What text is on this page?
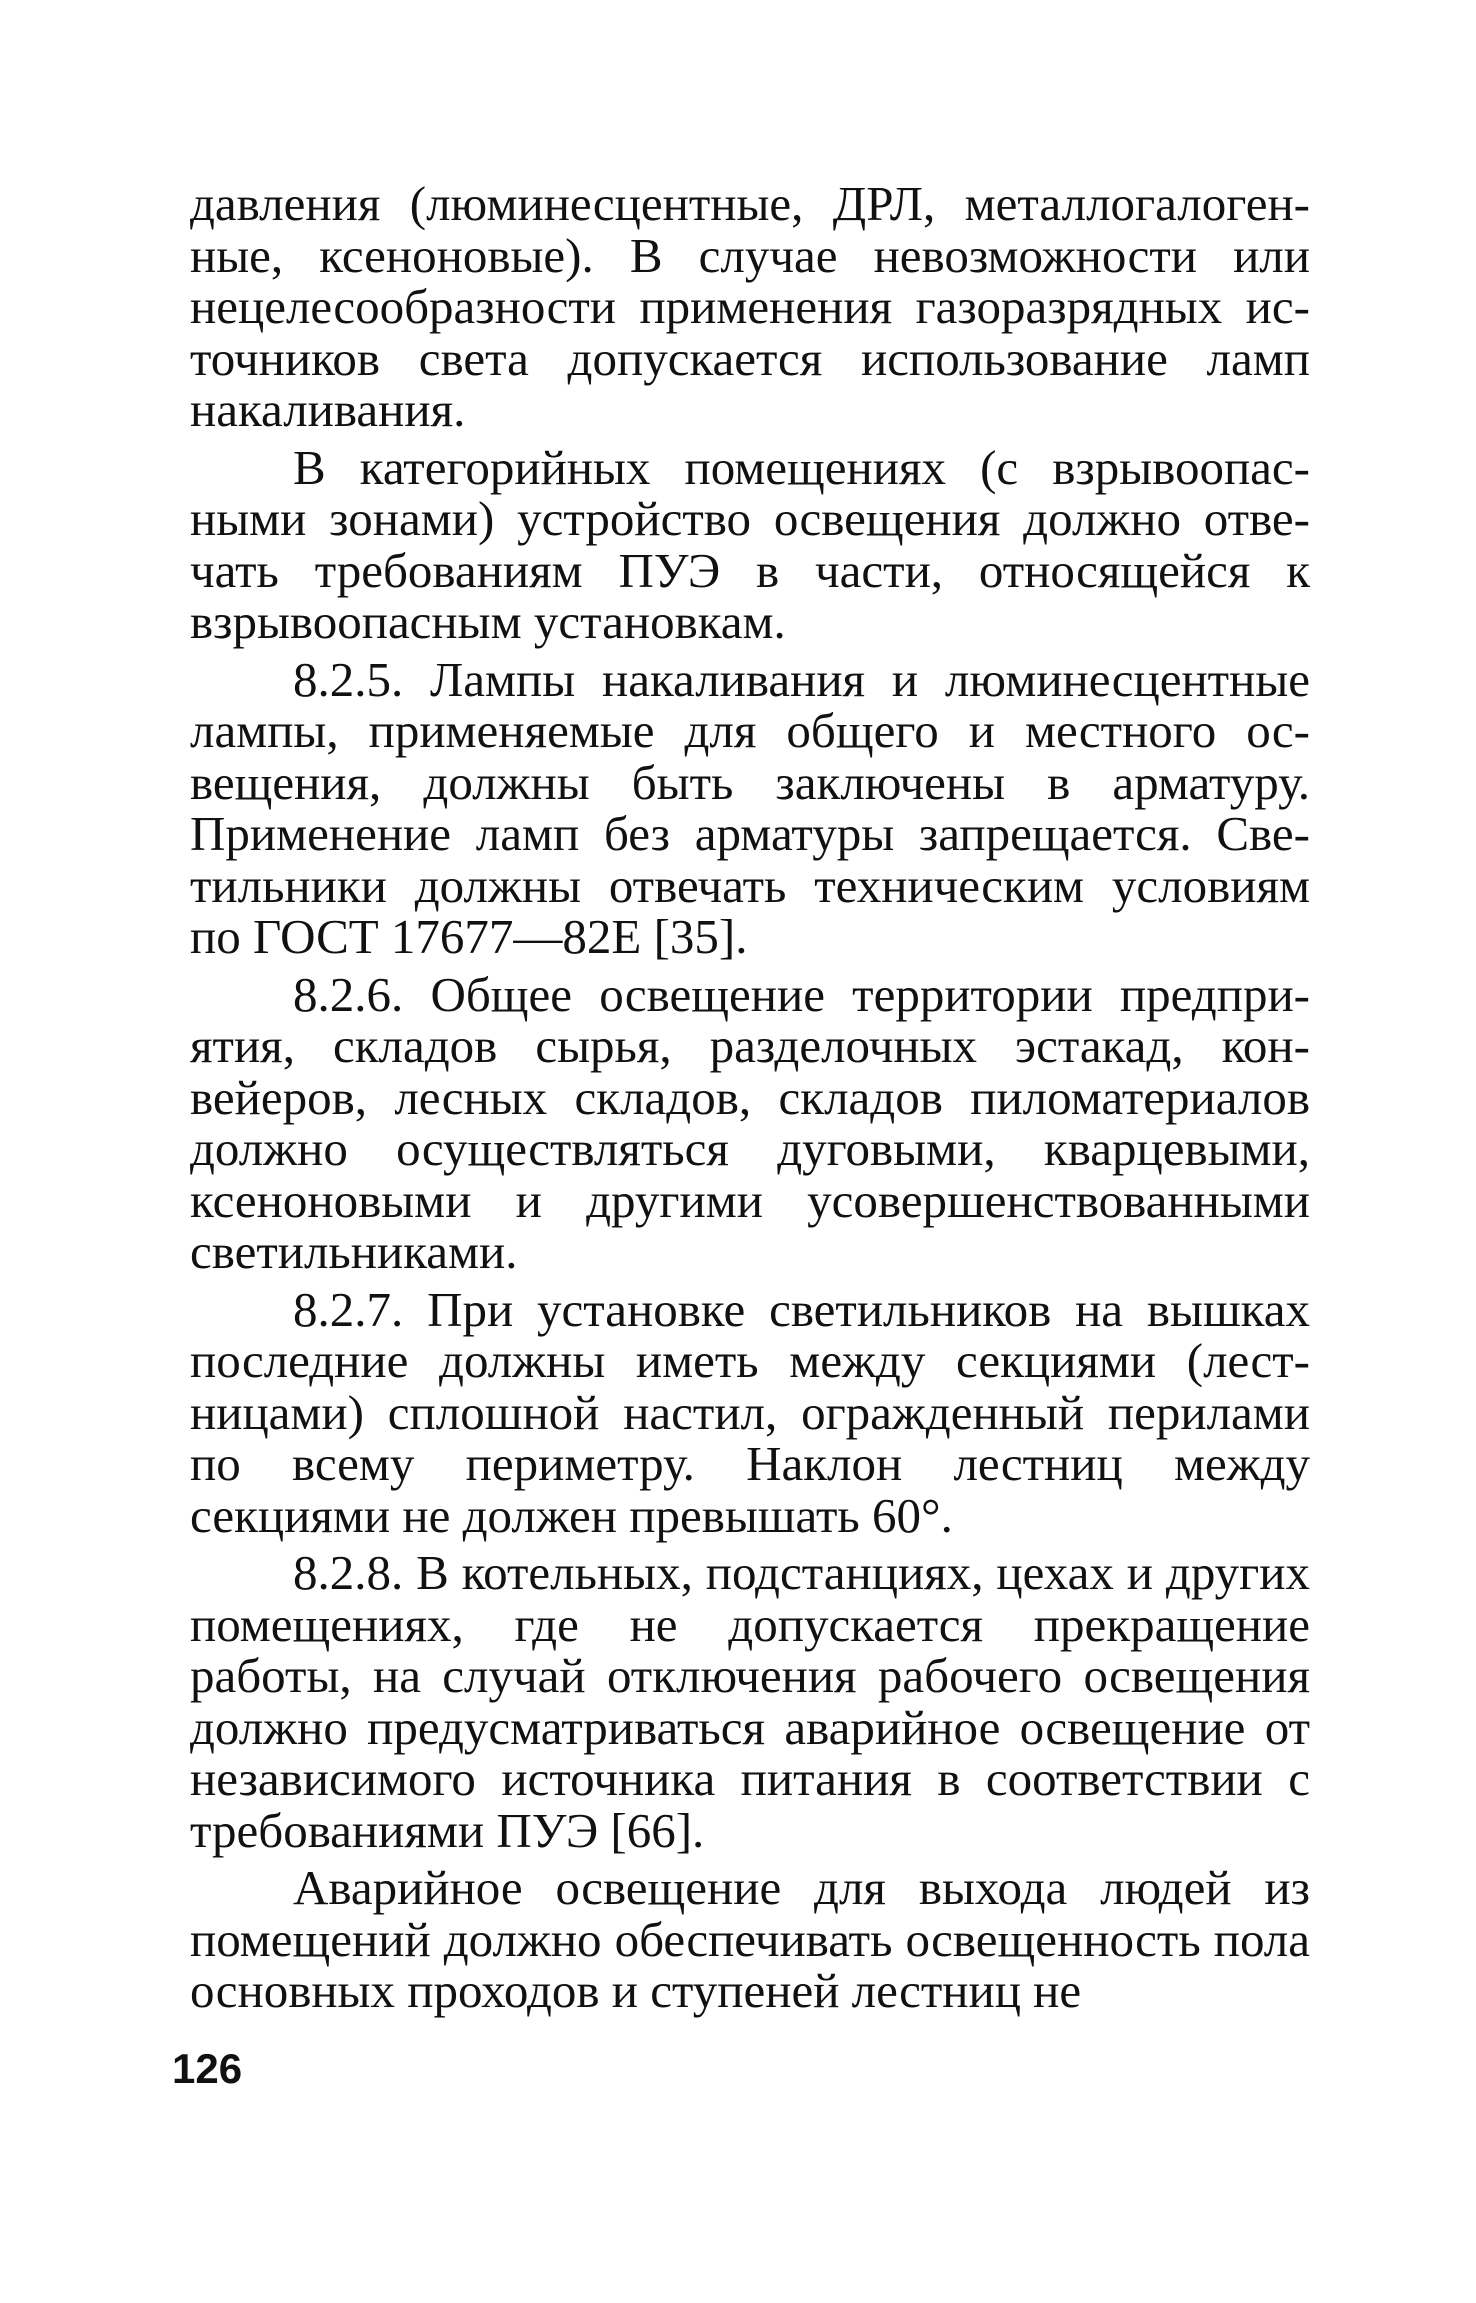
давления (люминесцентные, ДРЛ, металлогалогенные, ксеноновые). В случае невозможности или нецелесообразности применения газоразрядных источников света допускается использование ламп накаливания.

В категорийных помещениях (с взрывоопасными зонами) устройство освещения должно отвечать требованиям ПУЭ в части, относящейся к взрывоопасным установкам.

8.2.5. Лампы накаливания и люминесцентные лампы, применяемые для общего и местного освещения, должны быть заключены в арматуру. Применение ламп без арматуры запрещается. Светильники должны отвечать техническим условиям по ГОСТ 17677—82Е [35].

8.2.6. Общее освещение территории предприятия, складов сырья, разделочных эстакад, конвейеров, лесных складов, складов пиломатериалов должно осуществляться дуговыми, кварцевыми, ксеноновыми и другими усовершенствованными светильниками.

8.2.7. При установке светильников на вышках последние должны иметь между секциями (лестницами) сплошной настил, огражденный перилами по всему периметру. Наклон лестниц между секциями не должен превышать 60°.

8.2.8. В котельных, подстанциях, цехах и других помещениях, где не допускается прекращение работы, на случай отключения рабочего освещения должно предусматриваться аварийное освещение от независимого источника питания в соответствии с требованиями ПУЭ [66].

Аварийное освещение для выхода людей из помещений должно обеспечивать освещенность пола основных проходов и ступеней лестниц не

126
